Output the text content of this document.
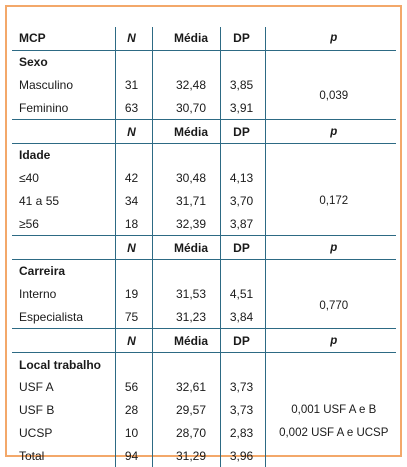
MCP	N	Média	DP	p
Sexo				
Masculino	31	32,48	3,85	0,039
Feminino	63	30,70	3,91	
	N	Média	DP	p
Idade				
≤40	42	30,48	4,13	0,172
41 a 55	34	31,71	3,70	
≥56	18	32,39	3,87	
	N	Média	DP	p
Carreira				
Interno	19	31,53	4,51	0,770
Especialista	75	31,23	3,84	
	N	Média	DP	p
Local trabalho				
USF A	56	32,61	3,73	
USF B	28	29,57	3,73	0,001 USF A e B
UCSP	10	28,70	2,83	0,002 USF A e UCSP
Total	94	31,29	3,96	
